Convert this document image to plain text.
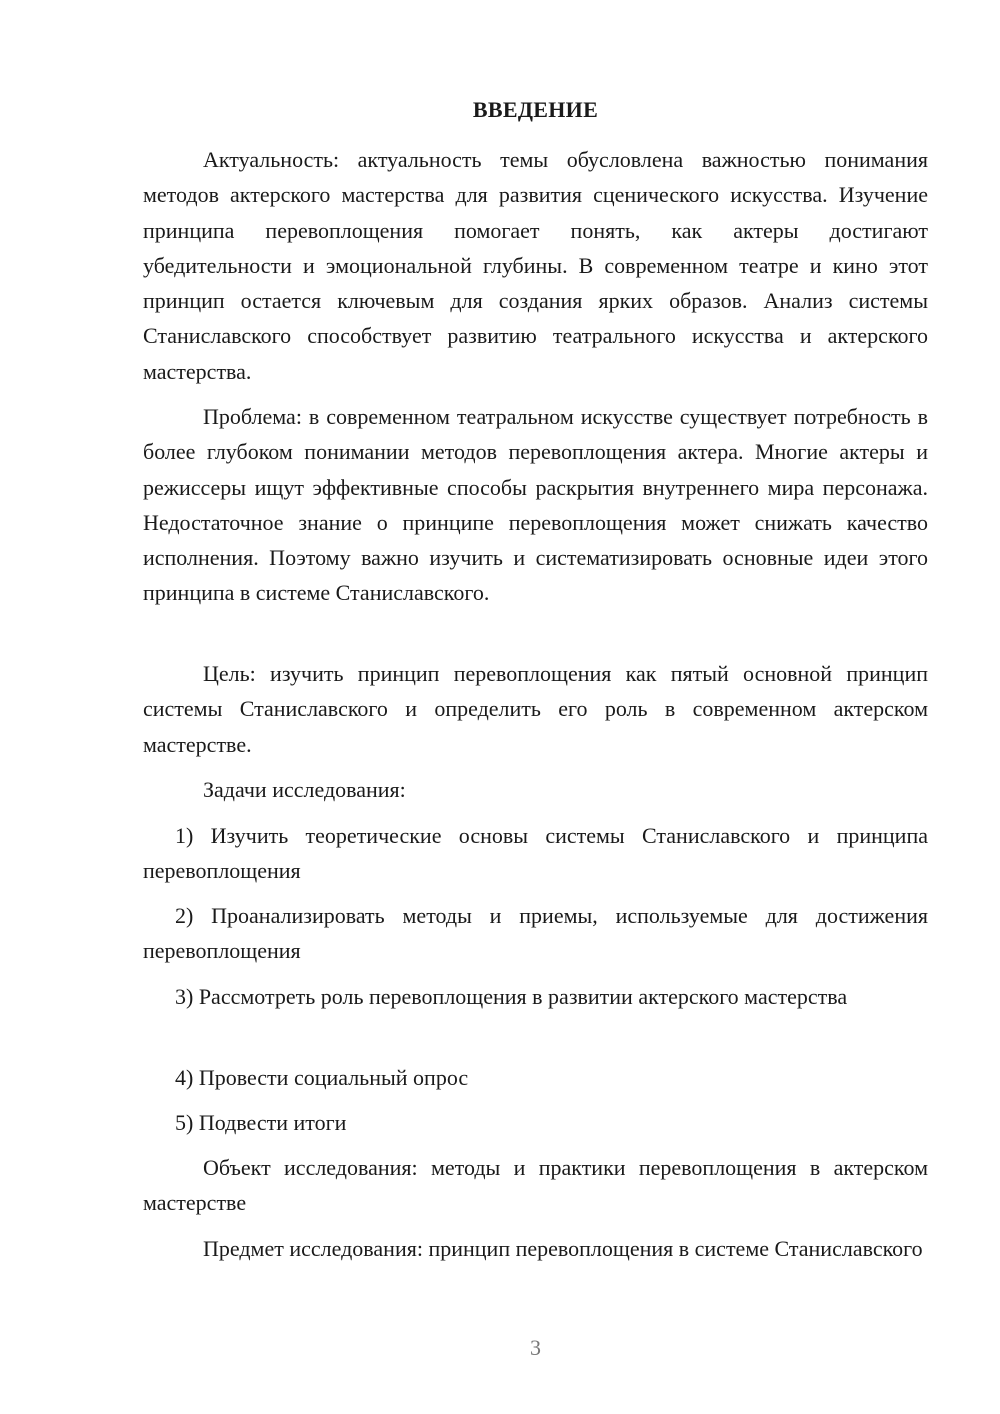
ВВЕДЕНИЕ
Актуальность: актуальность темы обусловлена важностью понимания методов актерского мастерства для развития сценического искусства. Изучение принципа перевоплощения помогает понять, как актеры достигают убедительности и эмоциональной глубины. В современном театре и кино этот принцип остается ключевым для создания ярких образов. Анализ системы Станиславского способствует развитию театрального искусства и актерского мастерства.
Проблема: в современном театральном искусстве существует потребность в более глубоком понимании методов перевоплощения актера. Многие актеры и режиссеры ищут эффективные способы раскрытия внутреннего мира персонажа. Недостаточное знание о принципе перевоплощения может снижать качество исполнения. Поэтому важно изучить и систематизировать основные идеи этого принципа в системе Станиславского.
Цель: изучить принцип перевоплощения как пятый основной принцип системы Станиславского и определить его роль в современном актерском мастерстве.
Задачи исследования:
1) Изучить теоретические основы системы Станиславского и принципа перевоплощения
2) Проанализировать методы и приемы, используемые для достижения перевоплощения
3) Рассмотреть роль перевоплощения в развитии актерского мастерства
4) Провести социальный опрос
5) Подвести итоги
Объект исследования: методы и практики перевоплощения в актерском мастерстве
Предмет исследования: принцип перевоплощения в системе Станиславского
3
